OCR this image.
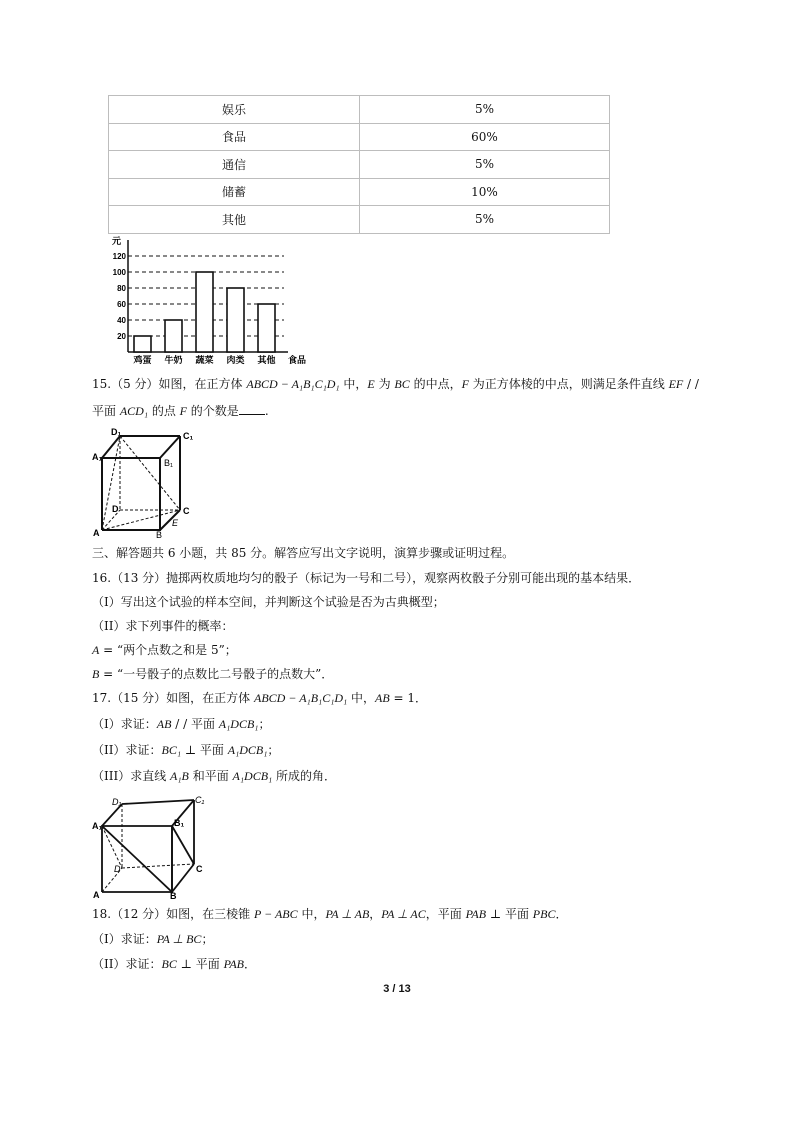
娱乐	5%
食品	60%
通信	5%
储蓄	10%
其他	5%
20
40
60
80
100
120
元
食品
鸡蛋 牛奶 蔬菜 肉类 其他
15.（5 分）如图，在正方体 ABCD − A₁B₁C₁D₁ 中，E 为 BC 的中点，F 为正方体棱的中点，则满足条件直线 EF / /
平面 ACD₁ 的点 F 的个数是 .
D₁	C₁
A₁
B₁
D	C
A	B
E
三、解答题共 6 小题，共 85 分。解答应写出文字说明，演算步骤或证明过程。
16.（13 分）抛掷两枚质地均匀的骰子（标记为一号和二号），观察两枚骰子分别可能出现的基本结果．
（I）写出这个试验的样本空间，并判断这个试验是否为古典概型；
（II）求下列事件的概率：
A = “两个点数之和是 5”；
B = “一号骰子的点数比二号骰子的点数大”．
17.（15 分）如图，在正方体 ABCD − A₁B₁C₁D₁ 中，AB = 1．
（I）求证：AB / / 平面 A₁DCB₁；
（II）求证：BC₁ ⊥ 平面 A₁DCB₁；
（III）求直线 A₁B 和平面 A₁DCB₁ 所成的角．
D₁	C₁
A₁	B₁
D	C
A	B
18.（12 分）如图，在三棱锥 P − ABC 中，PA ⊥ AB，PA ⊥ AC，平面 PAB ⊥ 平面 PBC．
（I）求证：PA ⊥ BC；
（II）求证：BC ⊥ 平面 PAB．
3 / 13
